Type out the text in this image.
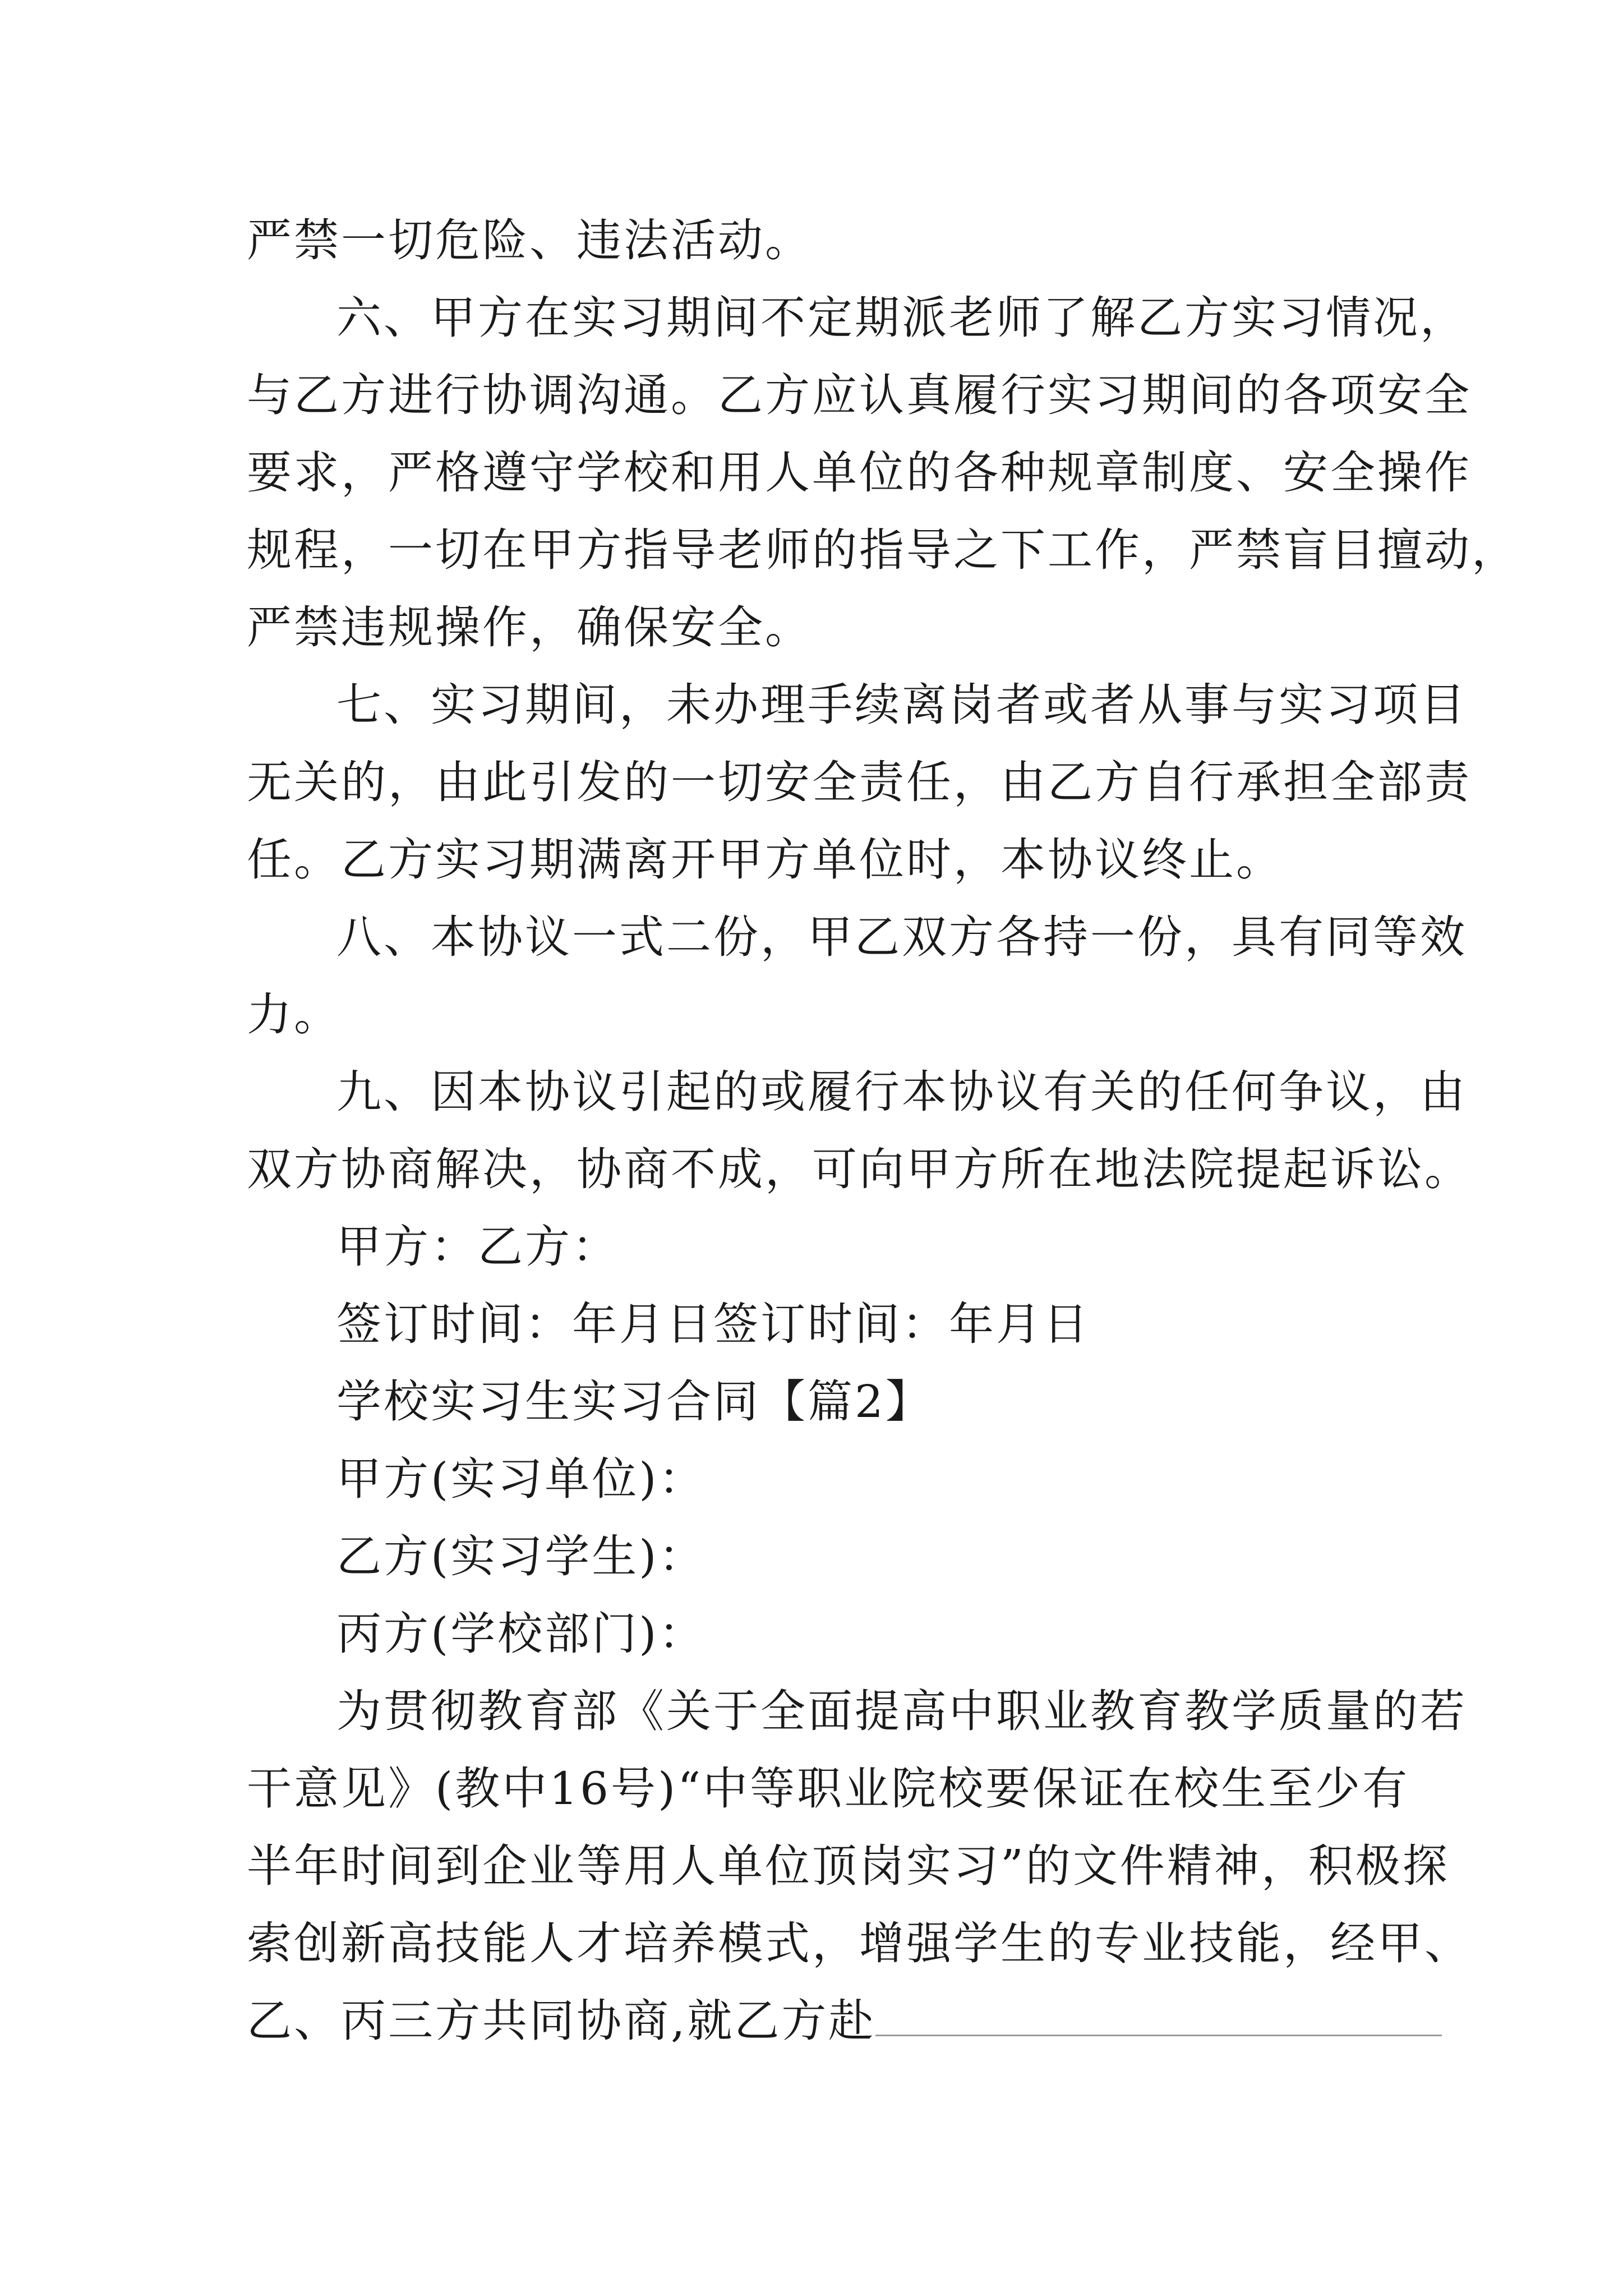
严禁一切危险、违法活动。
六、甲方在实习期间不定期派老师了解乙方实习情况，
与乙方进行协调沟通。乙方应认真履行实习期间的各项安全
要求，严格遵守学校和用人单位的各种规章制度、安全操作
规程，一切在甲方指导老师的指导之下工作，严禁盲目擅动，
严禁违规操作，确保安全。
七、实习期间，未办理手续离岗者或者从事与实习项目
无关的，由此引发的一切安全责任，由乙方自行承担全部责
任。乙方实习期满离开甲方单位时，本协议终止。
八、本协议一式二份，甲乙双方各持一份，具有同等效
力。
九、因本协议引起的或履行本协议有关的任何争议，由
双方协商解决，协商不成，可向甲方所在地法院提起诉讼。
甲方：乙方：
签订时间：年月日签订时间：年月日
学校实习生实习合同【篇2】
甲方(实习单位)：
乙方(实习学生)：
丙方(学校部门)：
为贯彻教育部《关于全面提高中职业教育教学质量的若
干意见》(教中16号)“中等职业院校要保证在校生至少有
半年时间到企业等用人单位顶岗实习”的文件精神，积极探
索创新高技能人才培养模式，增强学生的专业技能，经甲、
乙、丙三方共同协商,就乙方赴
